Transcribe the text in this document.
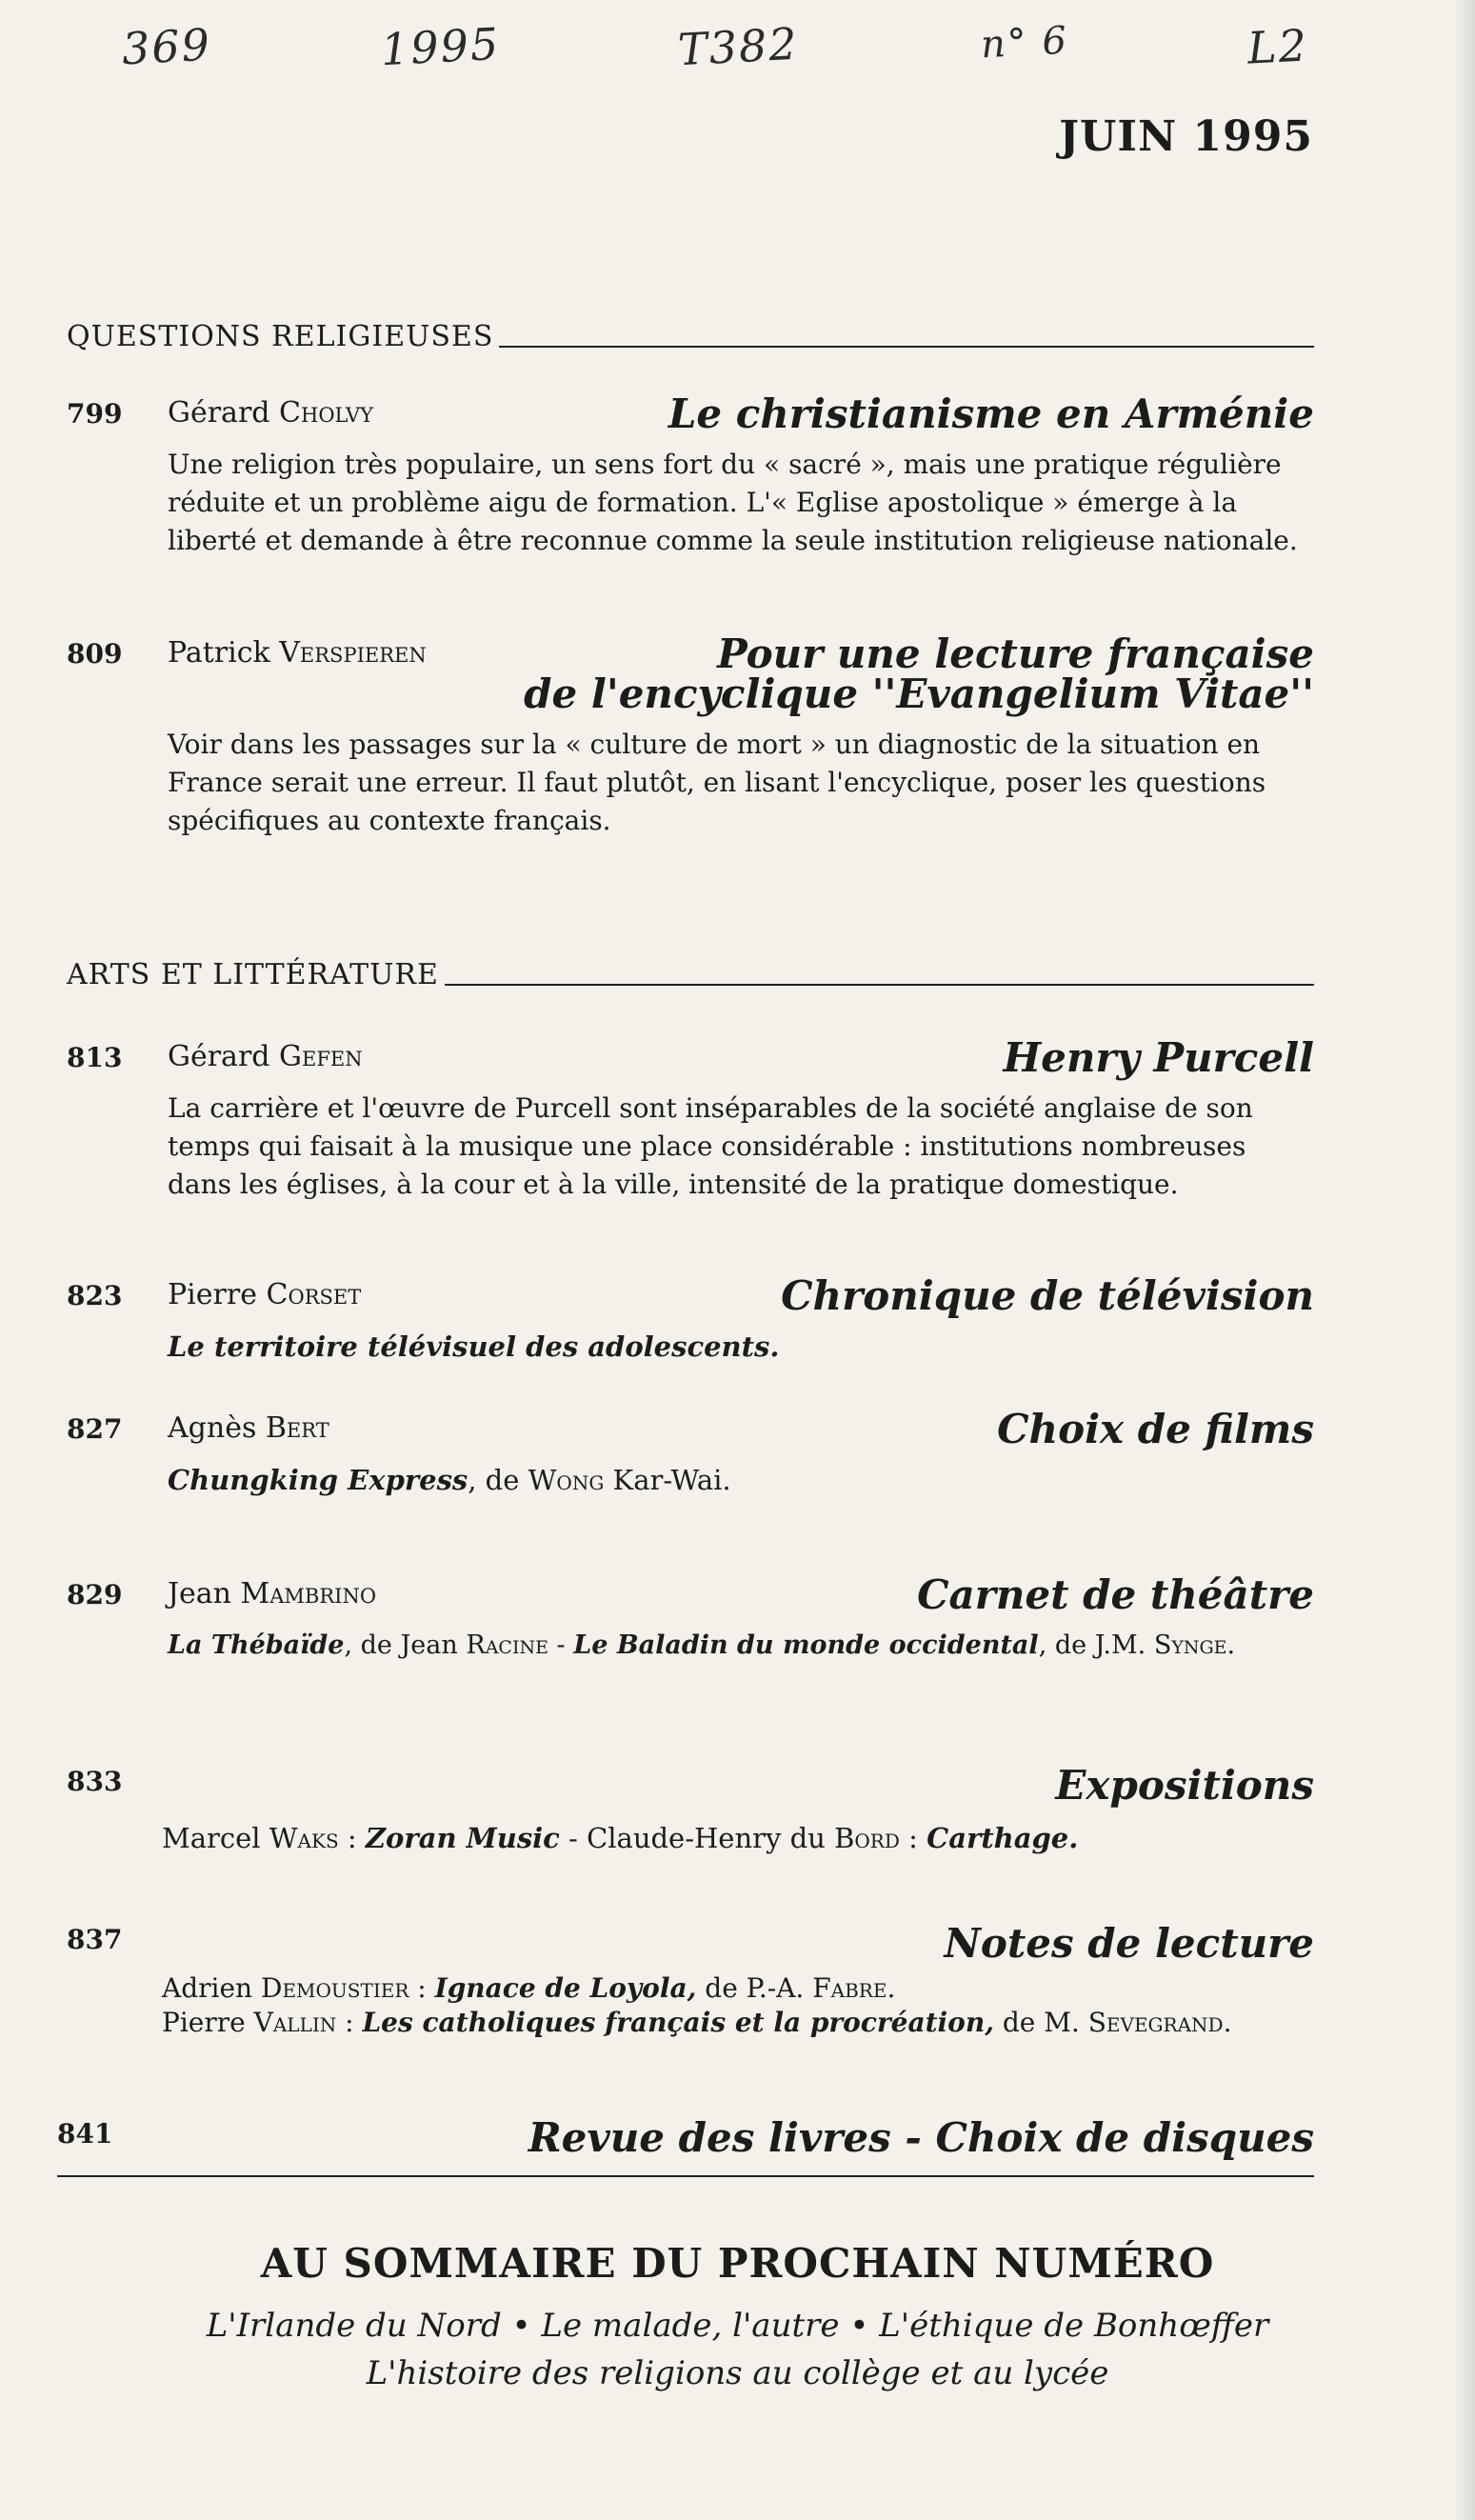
369	1995	T382	n° 6	L2
JUIN 1995
QUESTIONS RELIGIEUSES
799	Gérard Cholvy	Le christianisme en Arménie
Une religion très populaire, un sens fort du « sacré », mais une pratique régulière réduite et un problème aigu de formation. L'« Eglise apostolique » émerge à la liberté et demande à être reconnue comme la seule institution religieuse nationale.
809	Patrick Verspieren	Pour une lecture française
de l'encyclique ''Evangelium Vitae''
Voir dans les passages sur la « culture de mort » un diagnostic de la situation en France serait une erreur. Il faut plutôt, en lisant l'encyclique, poser les questions spécifiques au contexte français.
ARTS ET LITTÉRATURE
813	Gérard Gefen	Henry Purcell
La carrière et l'œuvre de Purcell sont inséparables de la société anglaise de son temps qui faisait à la musique une place considérable : institutions nombreuses dans les églises, à la cour et à la ville, intensité de la pratique domestique.
823	Pierre Corset	Chronique de télévision
Le territoire télévisuel des adolescents.
827	Agnès Bert	Choix de films
Chungking Express, de Wong Kar-Wai.
829	Jean Mambrino	Carnet de théâtre
La Thébaïde, de Jean Racine - Le Baladin du monde occidental, de J.M. Synge.
833	Expositions
Marcel Waks : Zoran Music - Claude-Henry du Bord : Carthage.
837	Notes de lecture
Adrien Demoustier : Ignace de Loyola, de P.-A. Fabre.
Pierre Vallin : Les catholiques français et la procréation, de M. Sevegrand.
841	Revue des livres - Choix de disques
AU SOMMAIRE DU PROCHAIN NUMÉRO
L'Irlande du Nord • Le malade, l'autre • L'éthique de Bonhœffer
L'histoire des religions au collège et au lycée
